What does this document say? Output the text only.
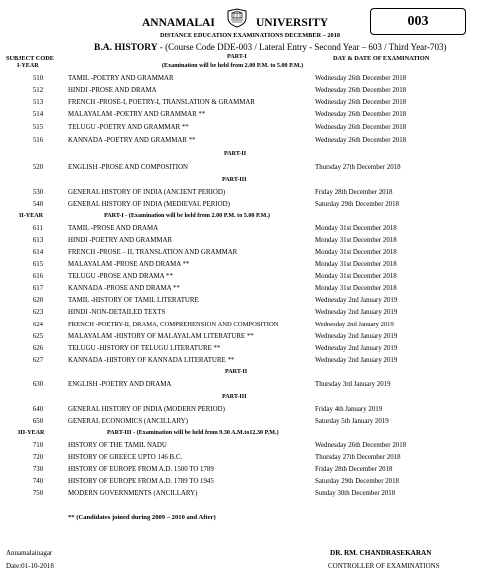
ANNAMALAI	UNIVERSITY	003
DISTANCE EDUCATION EXAMINATIONS DECEMBER – 2018
B.A. HISTORY - (Course Code DDE-003 / Lateral Entry - Second Year – 603 / Third Year-703)
SUBJECT CODE	DAY & DATE OF EXAMINATION
PART-I
(Examination will be held from 2.00 P.M. to 5.00 P.M.)
I-YEAR
510	TAMIL -POETRY AND GRAMMAR	Wednesday 26th December 2018
512	HINDI -PROSE AND DRAMA	Wednesday 26th December 2018
513	FRENCH -PROSE-I, POETRY-I, TRANSLATION & GRAMMAR	Wednesday 26th December 2018
514	MALAYALAM -POETRY AND GRAMMAR **	Wednesday 26th December 2018
515	TELUGU -POETRY AND GRAMMAR **	Wednesday 26th December 2018
516	KANNADA -POETRY AND GRAMMAR **	Wednesday 26th December 2018
PART-II
520	ENGLISH -PROSE AND COMPOSITION	Thursday 27th December 2018
PART-III
530	GENERAL HISTORY OF INDIA (ANCIENT PERIOD)	Friday 28th December 2018
540	GENERAL HISTORY OF INDIA (MEDIEVAL PERIOD)	Saturday 29th December 2018
II-YEAR	PART-I - (Examination will be held from 2.00 P.M. to 5.00 P.M.)
611	TAMIL -PROSE AND DRAMA	Monday 31st December 2018
613	HINDI -POETRY AND GRAMMAR	Monday 31st December 2018
614	FRENCH -PROSE – II, TRANSLATION AND GRAMMAR	Monday 31st December 2018
615	MALAYALAM -PROSE AND DRAMA **	Monday 31st December 2018
616	TELUGU -PROSE AND DRAMA **	Monday 31st December 2018
617	KANNADA -PROSE AND DRAMA **	Monday 31st December 2018
620	TAMIL -HISTORY OF TAMIL LITERATURE	Wednesday 2nd January 2019
623	HINDI -NON-DETAILED TEXTS	Wednesday 2nd January 2019
624	FRENCH -POETRY-II, DRAMA, COMPREHENSION AND COMPOSITION	Wednesday 2nd January 2019
625	MALAYALAM -HISTORY OF MALAYALAM LITERATURE **	Wednesday 2nd January 2019
626	TELUGU -HISTORY OF TELUGU LITERATURE **	Wednesday 2nd January 2019
627	KANNADA -HISTORY OF KANNADA LITERATURE **	Wednesday 2nd January 2019
PART-II
630	ENGLISH -POETRY AND DRAMA	Thursday 3rd January 2019
PART-III
640	GENERAL HISTORY OF INDIA (MODERN PERIOD)	Friday 4th January 2019
650	GENERAL ECONOMICS (ANCILLARY)	Saturday 5th January 2019
III-YEAR	PART-III - (Examination will be held from 9.30 A.M.to12.30 P.M.)
710	HISTORY OF THE TAMIL NADU	Wednesday 26th December 2018
720	HISTORY OF GREECE UPTO 146 B.C.	Thursday 27th December 2018
730	HISTORY OF EUROPE FROM A.D. 1500 TO 1789	Friday 28th December 2018
740	HISTORY OF EUROPE FROM A.D. 1789 TO 1945	Saturday 29th December 2018
750	MODERN GOVERNMENTS (ANCILLARY)	Sunday 30th December 2018
** (Candidates joined during 2009 – 2010 and After)
Annamalainagar
Date:01-10-2018
DR. RM. CHANDRASEKARAN
CONTROLLER OF EXAMINATIONS
